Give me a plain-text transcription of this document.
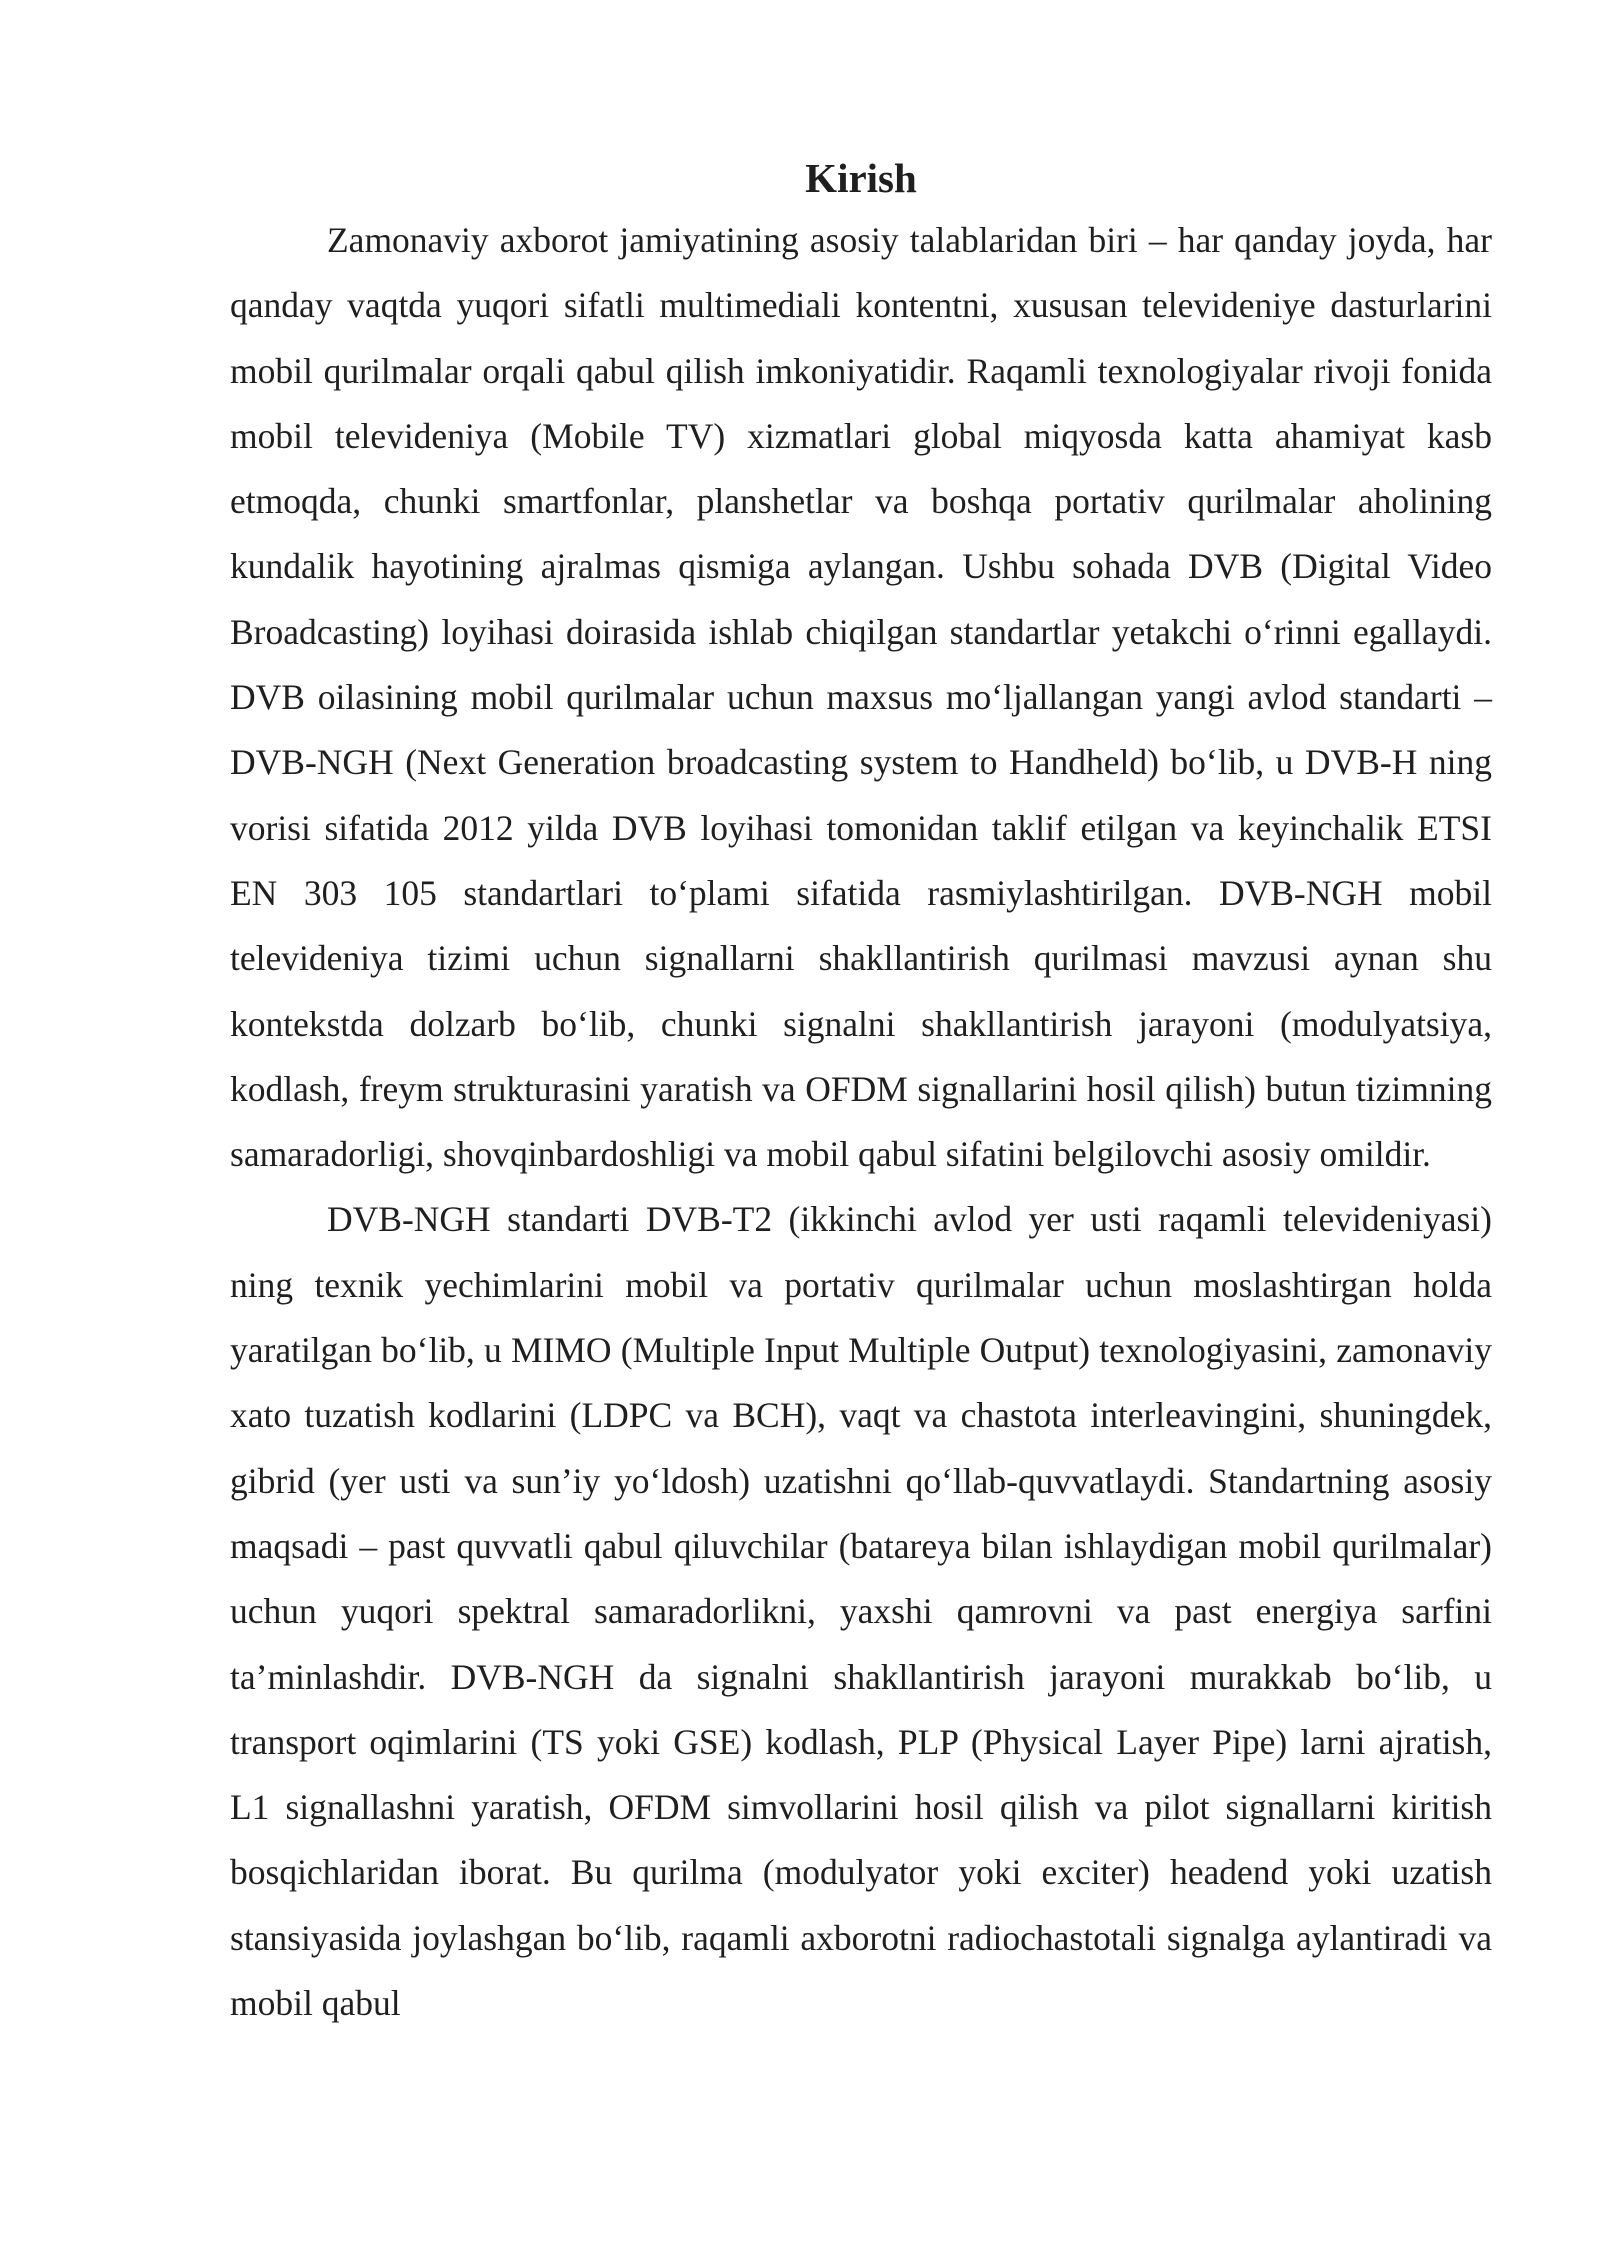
Kirish

Zamonaviy axborot jamiyatining asosiy talablaridan biri – har qanday joyda, har qanday vaqtda yuqori sifatli multimediali kontentni, xususan televideniye dasturlarini mobil qurilmalar orqali qabul qilish imkoniyatidir. Raqamli texnologiyalar rivoji fonida mobil televideniya (Mobile TV) xizmatlari global miqyosda katta ahamiyat kasb etmoqda, chunki smartfonlar, planshetlar va boshqa portativ qurilmalar aholining kundalik hayotining ajralmas qismiga aylangan. Ushbu sohada DVB (Digital Video Broadcasting) loyihasi doirasida ishlab chiqilgan standartlar yetakchi o‘rinni egallaydi. DVB oilasining mobil qurilmalar uchun maxsus mo‘ljallangan yangi avlod standarti – DVB-NGH (Next Generation broadcasting system to Handheld) bo‘lib, u DVB-H ning vorisi sifatida 2012 yilda DVB loyihasi tomonidan taklif etilgan va keyinchalik ETSI EN 303 105 standartlari to‘plami sifatida rasmiylashtirilgan. DVB-NGH mobil televideniya tizimi uchun signallarni shakllantirish qurilmasi mavzusi aynan shu kontekstda dolzarb bo‘lib, chunki signalni shakllantirish jarayoni (modulyatsiya, kodlash, freym strukturasini yaratish va OFDM signallarini hosil qilish) butun tizimning samaradorligi, shovqinbardoshligi va mobil qabul sifatini belgilovchi asosiy omildir.

DVB-NGH standarti DVB-T2 (ikkinchi avlod yer usti raqamli televideniyasi) ning texnik yechimlarini mobil va portativ qurilmalar uchun moslashtirgan holda yaratilgan bo‘lib, u MIMO (Multiple Input Multiple Output) texnologiyasini, zamonaviy xato tuzatish kodlarini (LDPC va BCH), vaqt va chastota interleavingini, shuningdek, gibrid (yer usti va sun’iy yo‘ldosh) uzatishni qo‘llab-quvvatlaydi. Standartning asosiy maqsadi – past quvvatli qabul qiluvchilar (batareya bilan ishlaydigan mobil qurilmalar) uchun yuqori spektral samaradorlikni, yaxshi qamrovni va past energiya sarfini ta’minlashdir. DVB-NGH da signalni shakllantirish jarayoni murakkab bo‘lib, u transport oqimlarini (TS yoki GSE) kodlash, PLP (Physical Layer Pipe) larni ajratish, L1 signallashni yaratish, OFDM simvollarini hosil qilish va pilot signallarni kiritish bosqichlaridan iborat. Bu qurilma (modulyator yoki exciter) headend yoki uzatish stansiyasida joylashgan bo‘lib, raqamli axborotni radiochastotali signalga aylantiradi va mobil qabul
